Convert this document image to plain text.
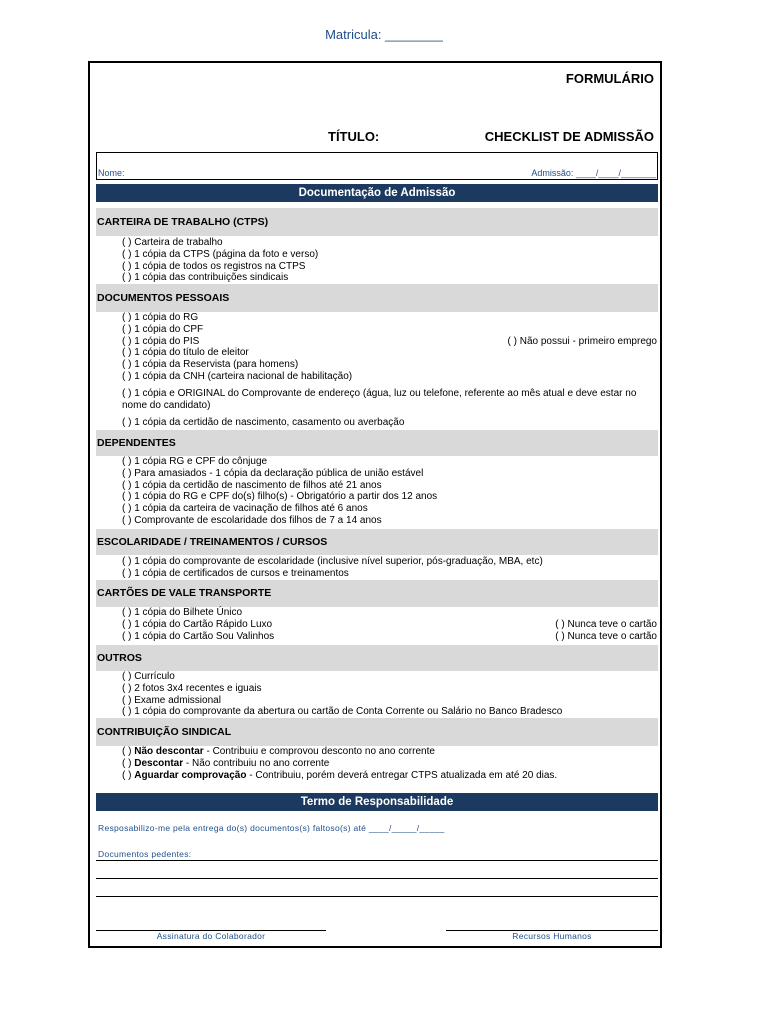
Matricula: ________
FORMULÁRIO
TÍTULO:	CHECKLIST DE ADMISSÃO
Nome:	Admissão: ____/____/_______
Documentação de Admissão
CARTEIRA DE TRABALHO (CTPS)
( ) Carteira de trabalho
( ) 1 cópia da CTPS (página da foto e verso)
( ) 1 cópia de todos os registros na CTPS
( ) 1 cópia das contribuições sindicais
DOCUMENTOS PESSOAIS
( ) 1 cópia do RG
( ) 1 cópia do CPF
( ) 1 cópia do PIS	( ) Não possui - primeiro emprego
( ) 1 cópia do título de eleitor
( ) 1 cópia da Reservista (para homens)
( ) 1 cópia da CNH (carteira nacional de habilitação)
( ) 1 cópia e ORIGINAL do Comprovante de endereço (água, luz ou telefone, referente ao mês atual e deve estar no nome do candidato)
( ) 1 cópia da certidão de nascimento, casamento ou averbação
DEPENDENTES
( ) 1 cópia RG e CPF do cônjuge
( ) Para amasiados - 1 cópia da declaração pública de união estável
( ) 1 cópia da certidão de nascimento de filhos até 21 anos
( ) 1 cópia do RG e CPF do(s) filho(s) - Obrigatório a partir dos 12 anos
( ) 1 cópia da carteira de vacinação de filhos até 6 anos
( ) Comprovante de escolaridade dos filhos de 7 a 14 anos
ESCOLARIDADE / TREINAMENTOS / CURSOS
( ) 1 cópia do comprovante de escolaridade (inclusive nível superior, pós-graduação, MBA, etc)
( ) 1 cópia de certificados de cursos e treinamentos
CARTÕES DE VALE TRANSPORTE
( ) 1 cópia do Bilhete Único
( ) 1 cópia do Cartão Rápido Luxo	( ) Nunca teve o cartão
( ) 1 cópia do Cartão Sou Valinhos	( ) Nunca teve o cartão
OUTROS
( ) Currículo
( ) 2 fotos 3x4 recentes e iguais
( ) Exame admissional
( ) 1 cópia do comprovante da abertura ou cartão de Conta Corrente ou Salário no Banco Bradesco
CONTRIBUIÇÃO SINDICAL
( ) Não descontar - Contribuiu e comprovou desconto no ano corrente
( ) Descontar - Não contribuiu no ano corrente
( ) Aguardar comprovação - Contribuiu, porém deverá entregar CTPS atualizada em até 20 dias.
Termo de Responsabilidade
Resposabilizo-me pela entrega do(s) documentos(s) faltoso(s) até ____/_____/_____
Documentos pedentes:
Assinatura do Colaborador	Recursos Humanos
